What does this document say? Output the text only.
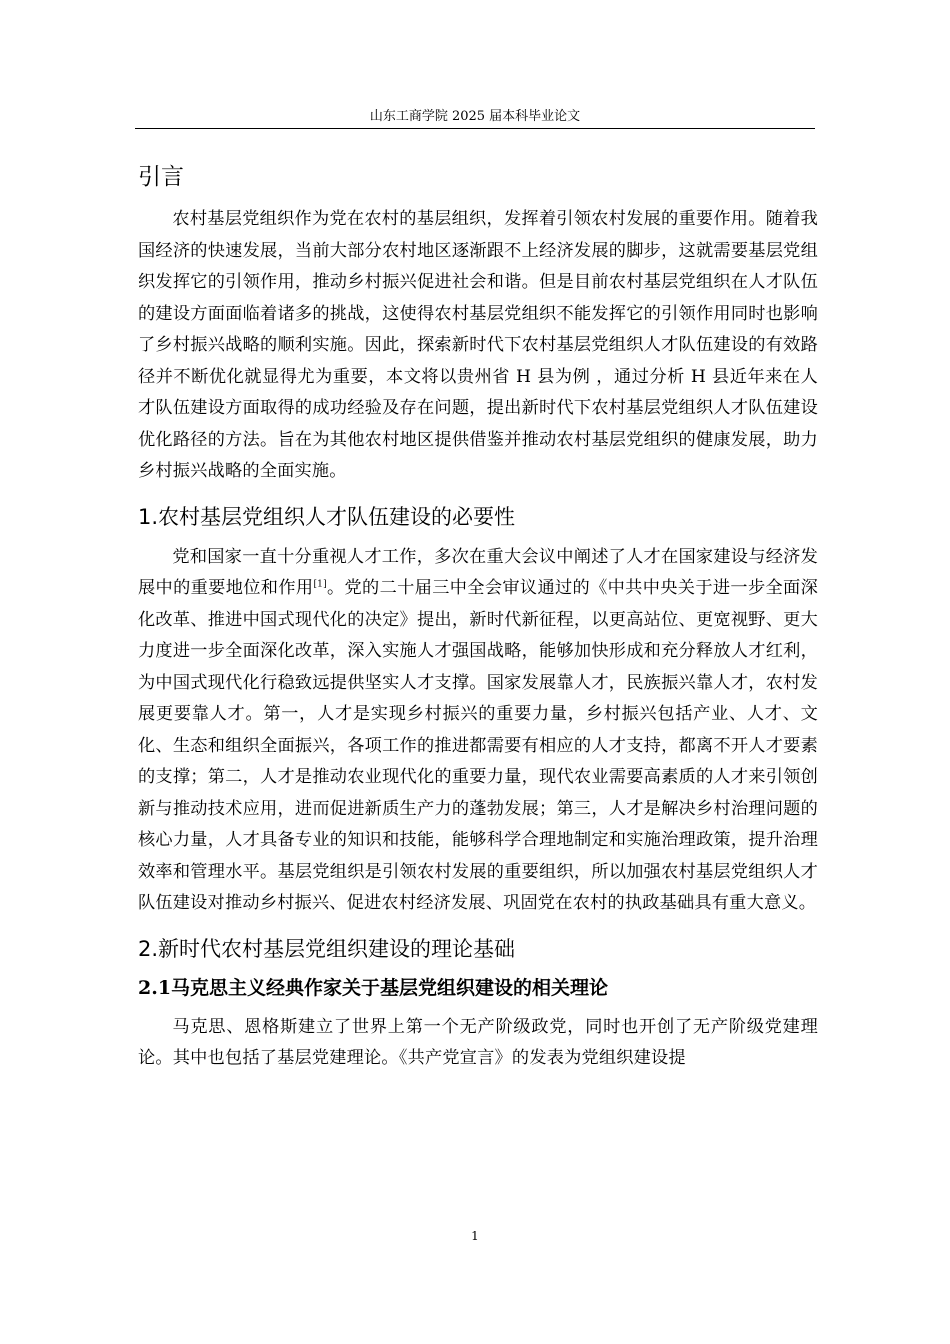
山东工商学院 2025 届本科毕业论文
引言

农村基层党组织作为党在农村的基层组织，发挥着引领农村发展的重要作用。随着我国经济的快速发展，当前大部分农村地区逐渐跟不上经济发展的脚步，这就需要基层党组织发挥它的引领作用，推动乡村振兴促进社会和谐。但是目前农村基层党组织在人才队伍的建设方面面临着诸多的挑战，这使得农村基层党组织不能发挥它的引领作用同时也影响了乡村振兴战略的顺利实施。因此，探索新时代下农村基层党组织人才队伍建设的有效路径并不断优化就显得尤为重要，本文将以贵州省 H 县为例 ，通过分析 H 县近年来在人才队伍建设方面取得的成功经验及存在问题，提出新时代下农村基层党组织人才队伍建设优化路径的方法。旨在为其他农村地区提供借鉴并推动农村基层党组织的健康发展，助力乡村振兴战略的全面实施。

1.农村基层党组织人才队伍建设的必要性

党和国家一直十分重视人才工作，多次在重大会议中阐述了人才在国家建设与经济发展中的重要地位和作用[1]。党的二十届三中全会审议通过的《中共中央关于进一步全面深化改革、推进中国式现代化的决定》提出，新时代新征程，以更高站位、更宽视野、更大力度进一步全面深化改革，深入实施人才强国战略，能够加快形成和充分释放人才红利，为中国式现代化行稳致远提供坚实人才支撑。国家发展靠人才，民族振兴靠人才，农村发展更要靠人才。第一，人才是实现乡村振兴的重要力量，乡村振兴包括产业、人才、文化、生态和组织全面振兴，各项工作的推进都需要有相应的人才支持，都离不开人才要素的支撑；第二，人才是推动农业现代化的重要力量，现代农业需要高素质的人才来引领创新与推动技术应用，进而促进新质生产力的蓬勃发展；第三，人才是解决乡村治理问题的核心力量，人才具备专业的知识和技能，能够科学合理地制定和实施治理政策，提升治理效率和管理水平。基层党组织是引领农村发展的重要组织，所以加强农村基层党组织人才队伍建设对推动乡村振兴、促进农村经济发展、巩固党在农村的执政基础具有重大意义。

2.新时代农村基层党组织建设的理论基础
2.1马克思主义经典作家关于基层党组织建设的相关理论

马克思、恩格斯建立了世界上第一个无产阶级政党，同时也开创了无产阶级党建理论。其中也包括了基层党建理论。《共产党宣言》的发表为党组织建设提

1
